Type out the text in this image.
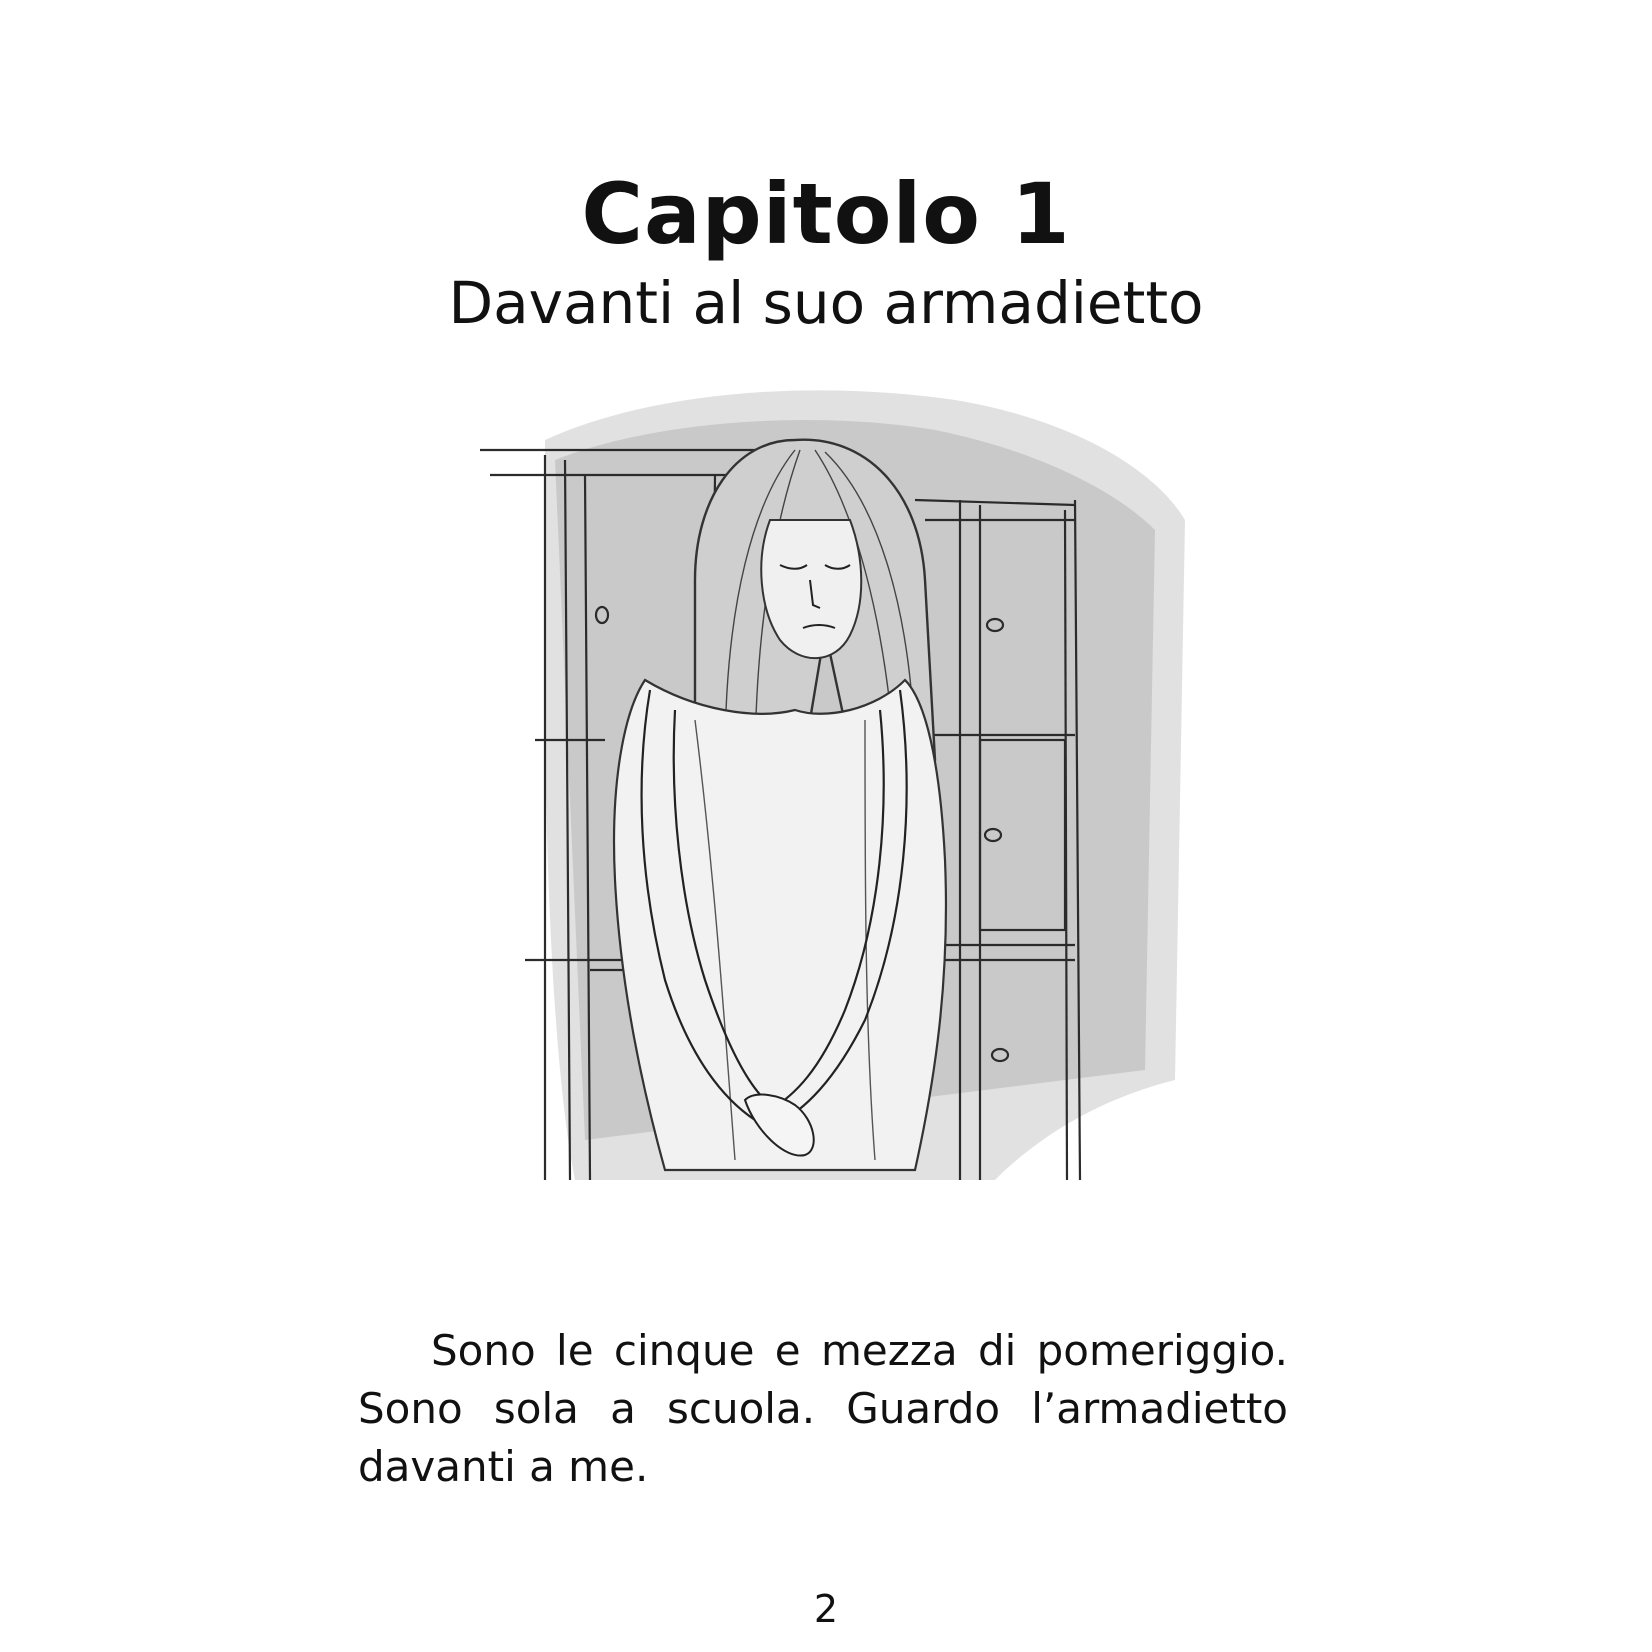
Capitolo 1
Davanti al suo armadietto

Sono le cinque e mezza di pomeriggio. Sono sola a scuola. Guardo l’armadietto davanti a me.

2
